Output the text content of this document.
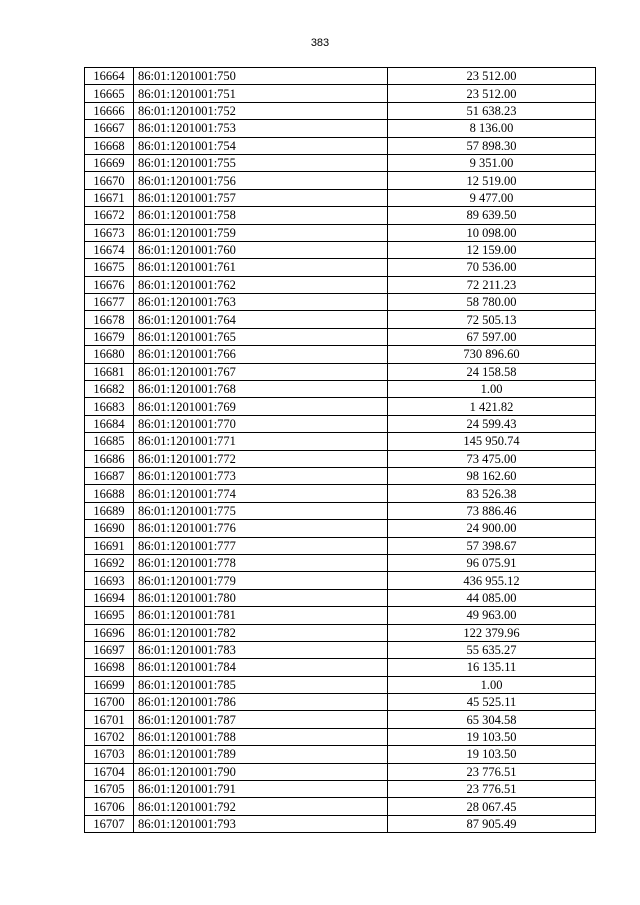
383
16664	86:01:1201001:750	23 512.00
16665	86:01:1201001:751	23 512.00
16666	86:01:1201001:752	51 638.23
16667	86:01:1201001:753	8 136.00
16668	86:01:1201001:754	57 898.30
16669	86:01:1201001:755	9 351.00
16670	86:01:1201001:756	12 519.00
16671	86:01:1201001:757	9 477.00
16672	86:01:1201001:758	89 639.50
16673	86:01:1201001:759	10 098.00
16674	86:01:1201001:760	12 159.00
16675	86:01:1201001:761	70 536.00
16676	86:01:1201001:762	72 211.23
16677	86:01:1201001:763	58 780.00
16678	86:01:1201001:764	72 505.13
16679	86:01:1201001:765	67 597.00
16680	86:01:1201001:766	730 896.60
16681	86:01:1201001:767	24 158.58
16682	86:01:1201001:768	1.00
16683	86:01:1201001:769	1 421.82
16684	86:01:1201001:770	24 599.43
16685	86:01:1201001:771	145 950.74
16686	86:01:1201001:772	73 475.00
16687	86:01:1201001:773	98 162.60
16688	86:01:1201001:774	83 526.38
16689	86:01:1201001:775	73 886.46
16690	86:01:1201001:776	24 900.00
16691	86:01:1201001:777	57 398.67
16692	86:01:1201001:778	96 075.91
16693	86:01:1201001:779	436 955.12
16694	86:01:1201001:780	44 085.00
16695	86:01:1201001:781	49 963.00
16696	86:01:1201001:782	122 379.96
16697	86:01:1201001:783	55 635.27
16698	86:01:1201001:784	16 135.11
16699	86:01:1201001:785	1.00
16700	86:01:1201001:786	45 525.11
16701	86:01:1201001:787	65 304.58
16702	86:01:1201001:788	19 103.50
16703	86:01:1201001:789	19 103.50
16704	86:01:1201001:790	23 776.51
16705	86:01:1201001:791	23 776.51
16706	86:01:1201001:792	28 067.45
16707	86:01:1201001:793	87 905.49
